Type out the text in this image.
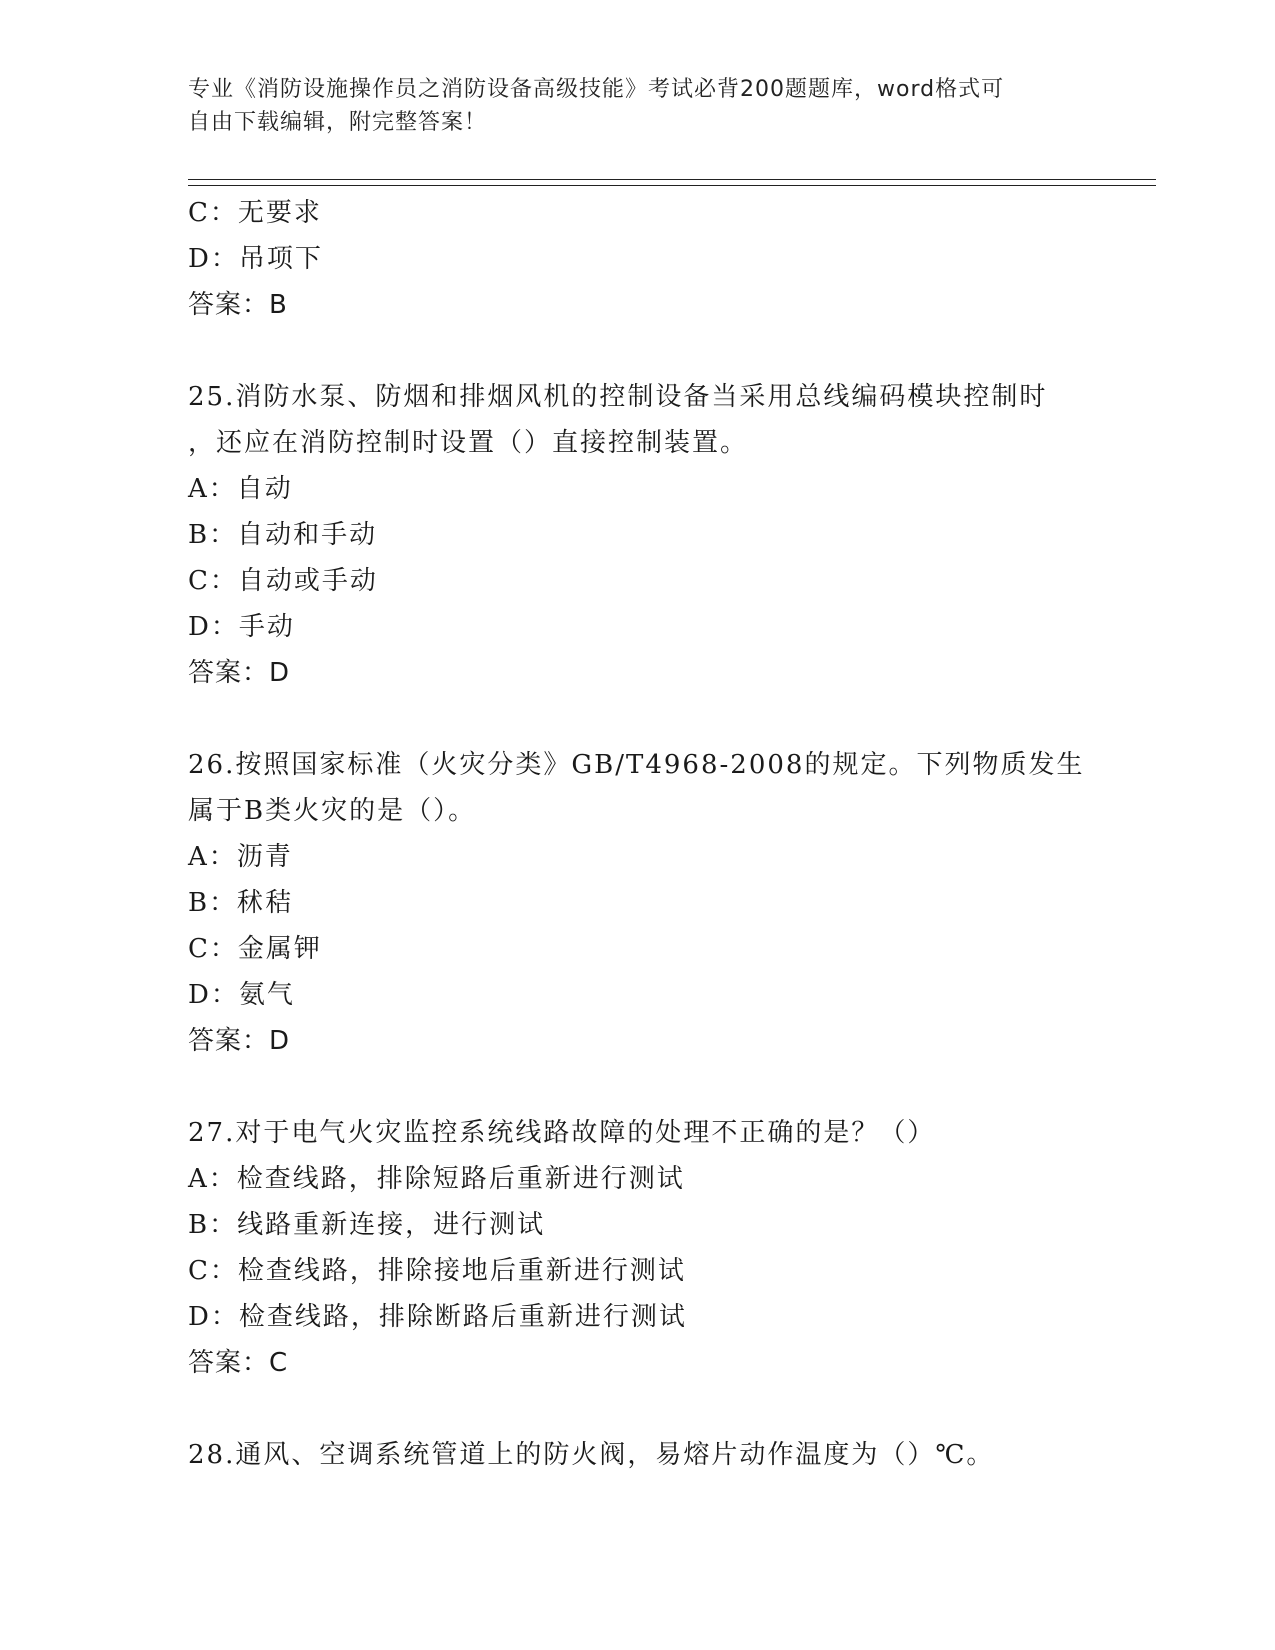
专业《消防设施操作员之消防设备高级技能》考试必背200题题库，word格式可
自由下载编辑，附完整答案！
C：无要求
D：吊项下
答案：B
25.消防水泵、防烟和排烟风机的控制设备当采用总线编码模块控制时
，还应在消防控制时设置（）直接控制装置。
A：自动
B：自动和手动
C：自动或手动
D：手动
答案：D
26.按照国家标准（火灾分类》GB/T4968-2008的规定。下列物质发生
属于B类火灾的是（）。
A：沥青
B：秫秸
C：金属钾
D：氨气
答案：D
27.对于电气火灾监控系统线路故障的处理不正确的是？（）
A：检查线路，排除短路后重新进行测试
B：线路重新连接，进行测试
C：检查线路，排除接地后重新进行测试
D：检查线路，排除断路后重新进行测试
答案：C
28.通风、空调系统管道上的防火阀，易熔片动作温度为（）℃。
